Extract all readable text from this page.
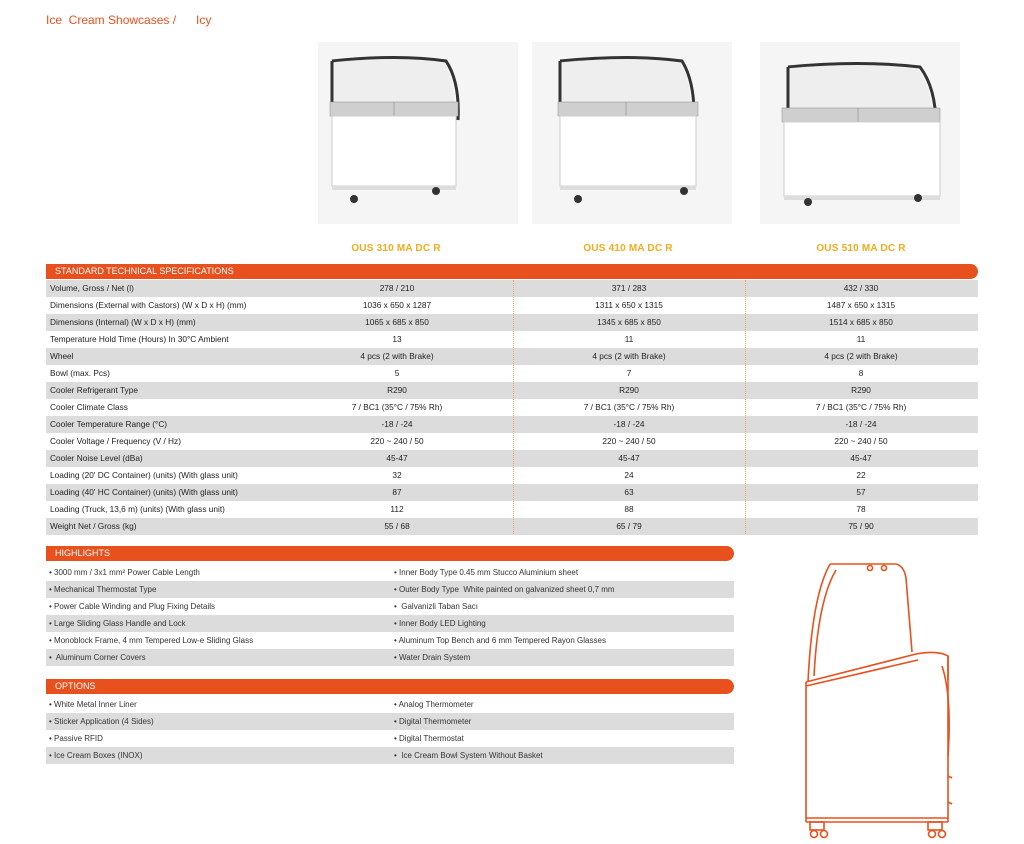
Ice  Cream Showcases /      Icy
OUS 310 MA DC R	OUS 410 MA DC R	OUS 510 MA DC R
STANDARD TECHNICAL SPECIFICATIONS
Volume, Gross / Net (l)	278 / 210	371 / 283	432 / 330
Dimensions (External with Castors) (W x D x H) (mm)	1036 x 650 x 1287	1311 x 650 x 1315	1487 x 650 x 1315
Dimensions (Internal) (W x D x H) (mm)	1065 x 685 x 850	1345 x 685 x 850	1514 x 685 x 850
Temperature Hold Time (Hours) In 30°C Ambient	13	11	11
Wheel	4 pcs (2 with Brake)	4 pcs (2 with Brake)	4 pcs (2 with Brake)
Bowl (max. Pcs)	5	7	8
Cooler Refrigerant Type	R290	R290	R290
Cooler Climate Class	7 / BC1 (35°C / 75% Rh)	7 / BC1 (35°C / 75% Rh)	7 / BC1 (35°C / 75% Rh)
Cooler Temperature Range (°C)	-18 / -24	-18 / -24	-18 / -24
Cooler Voltage / Frequency (V / Hz)	220 ~ 240 / 50	220 ~ 240 / 50	220 ~ 240 / 50
Cooler Noise Level (dBa)	45-47	45-47	45-47
Loading (20' DC Container) (units) (With glass unit)	32	24	22
Loading (40' HC Container) (units) (With glass unit)	87	63	57
Loading (Truck, 13,6 m) (units) (With glass unit)	112	88	78
Weight Net / Gross (kg)	55 / 68	65 / 79	75 / 90
HIGHLIGHTS
• 3000 mm / 3x1 mm² Power Cable Length	• Inner Body Type 0.45 mm Stucco Aluminium sheet
• Mechanical Thermostat Type	• Outer Body Type  White painted on galvanized sheet 0,7 mm
• Power Cable Winding and Plug Fixing Details	•  Galvanizli Taban Sacı
• Large Sliding Glass Handle and Lock	• Inner Body LED Lighting
• Monoblock Frame, 4 mm Tempered Low-e Sliding Glass	• Aluminum Top Bench and 6 mm Tempered Rayon Glasses
•  Aluminum Corner Covers	• Water Drain System
OPTIONS
• White Metal Inner Liner	• Analog Thermometer
• Sticker Application (4 Sides)	• Digital Thermometer
• Passive RFID	• Digital Thermostat
• Ice Cream Boxes (INOX)	•  Ice Cream Bowl System Without Basket
